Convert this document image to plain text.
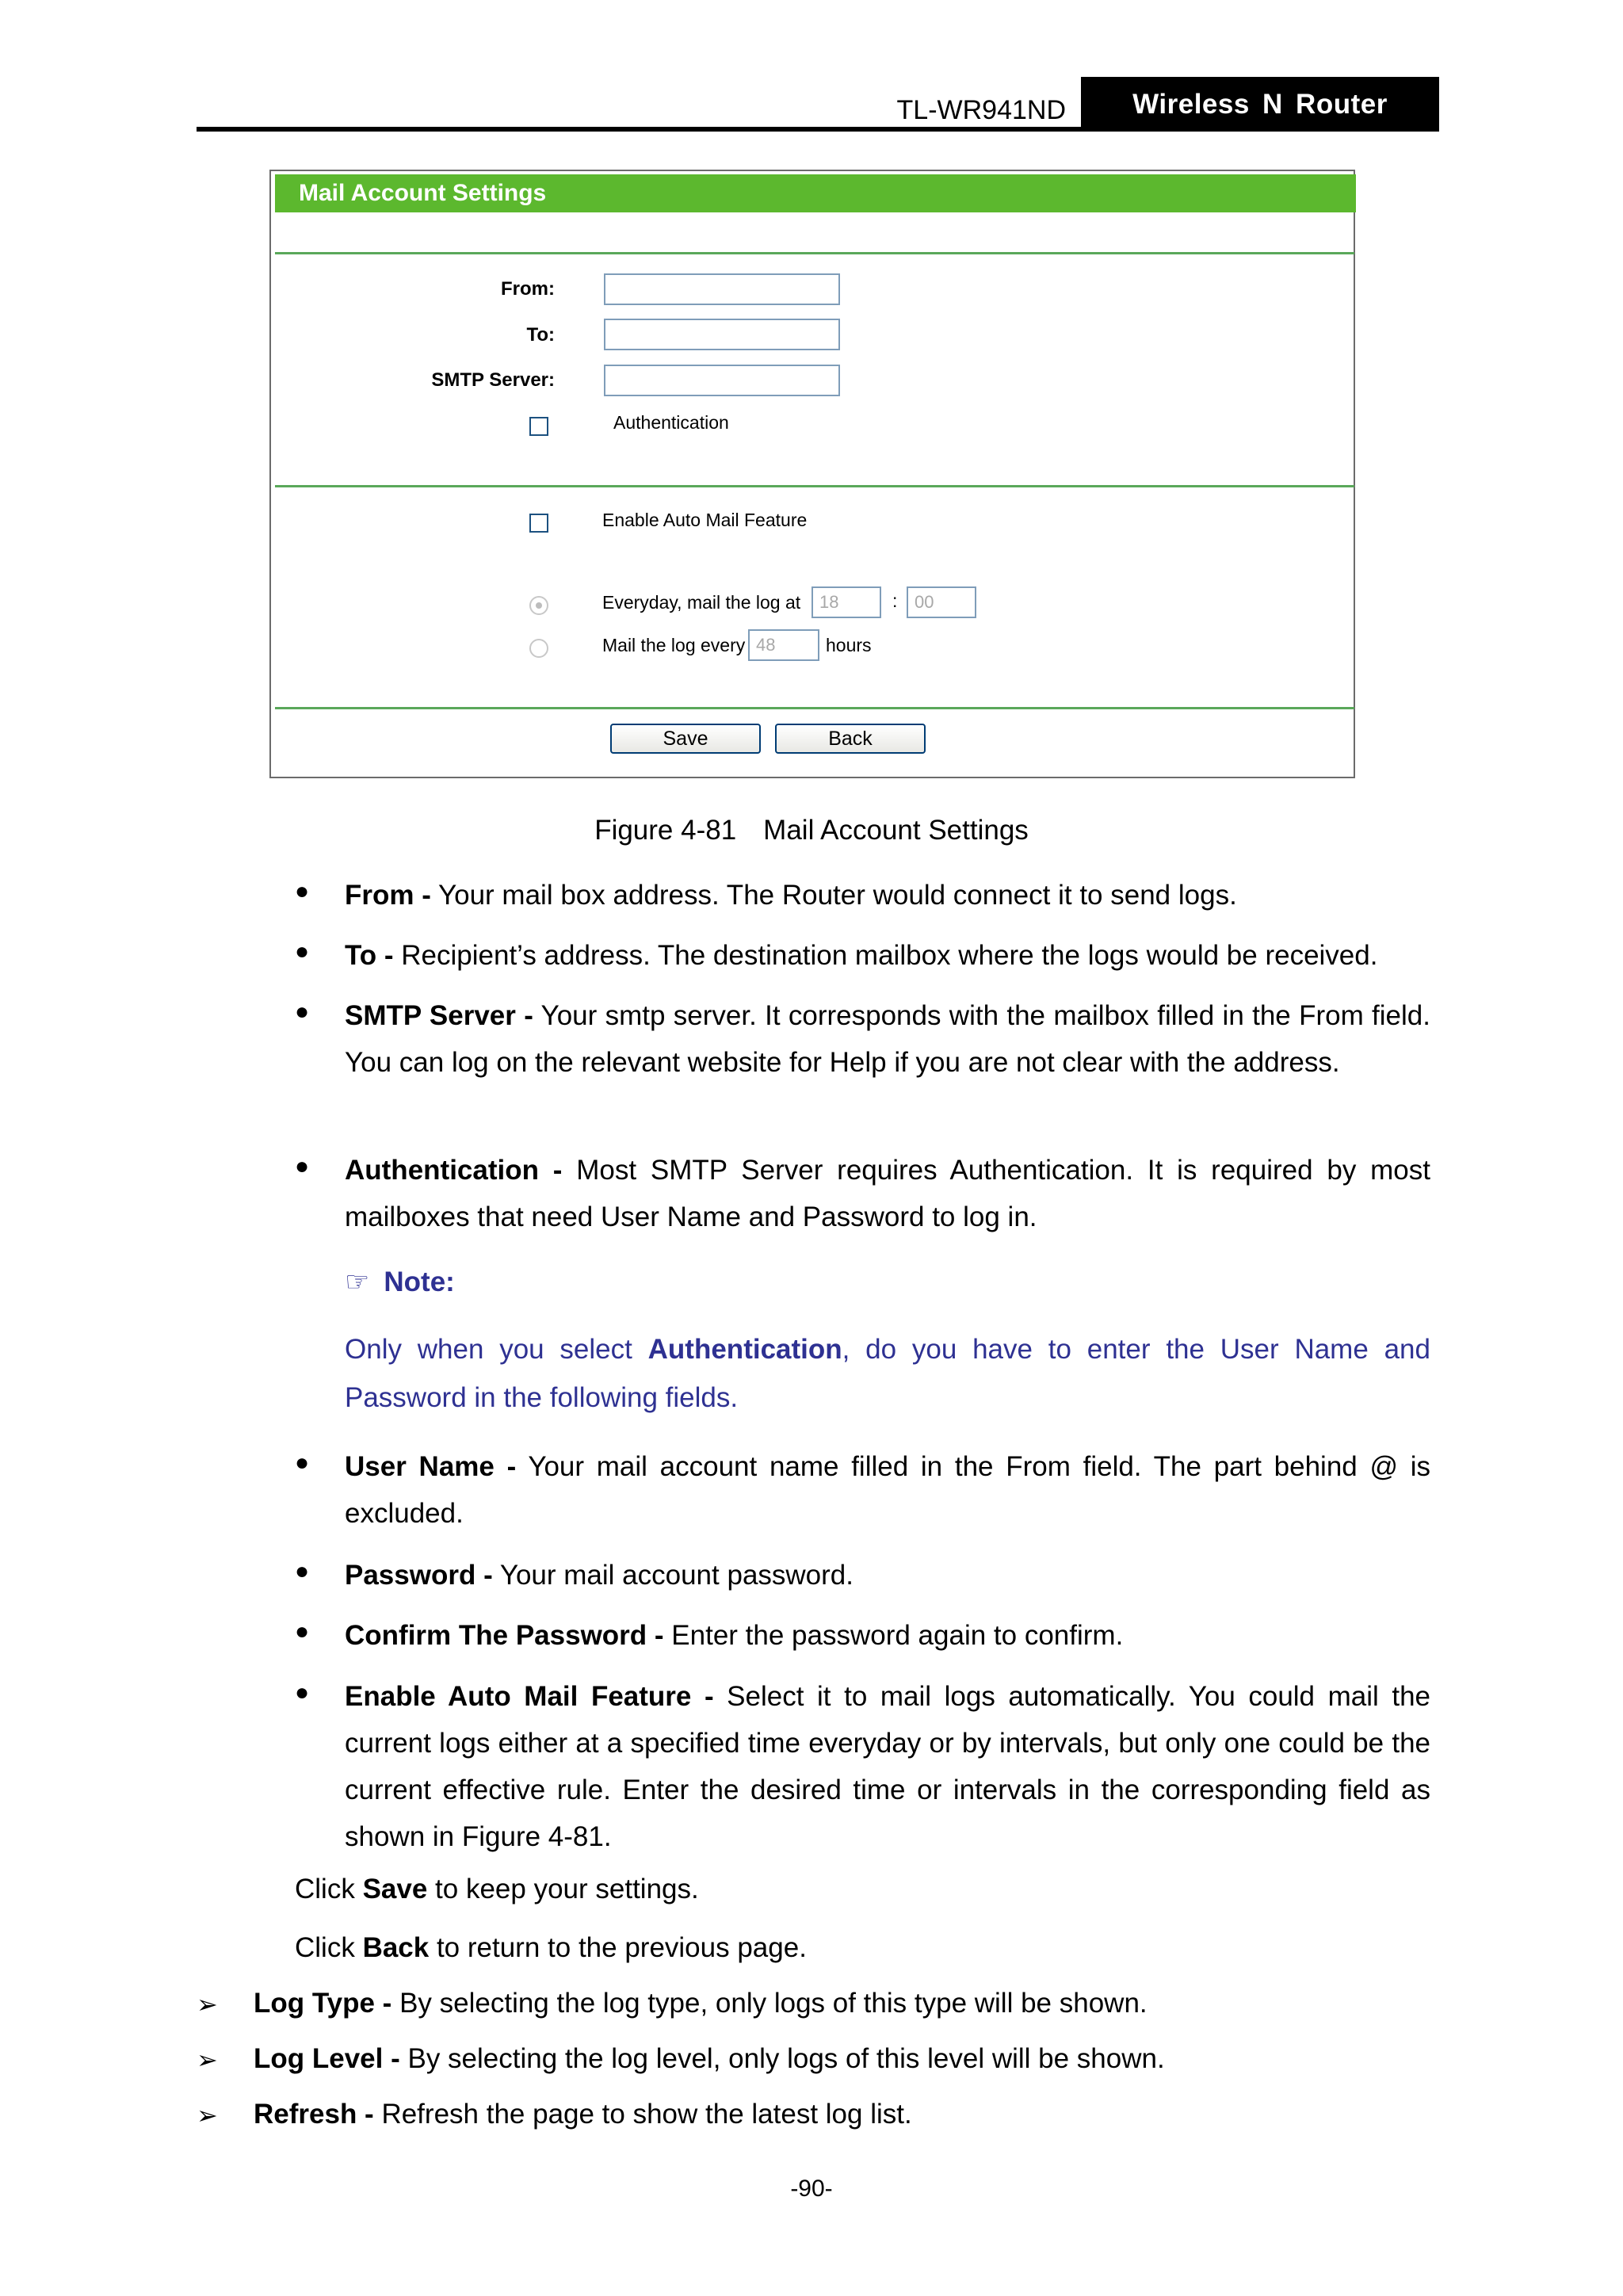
TL-WR941ND	Wireless N Router
Mail Account Settings
From:
To:
SMTP Server:
Authentication
Enable Auto Mail Feature
Everyday, mail the log at	18	: 00
Mail the log every 48	hours
Save	Back
Figure 4-81 Mail Account Settings
● From - Your mail box address. The Router would connect it to send logs.
● To - Recipient’s address. The destination mailbox where the logs would be received.
● SMTP Server - Your smtp server. It corresponds with the mailbox filled in the From field. You can log on the relevant website for Help if you are not clear with the address.
● Authentication - Most SMTP Server requires Authentication. It is required by most mailboxes that need User Name and Password to log in.
☞ Note:
Only when you select Authentication, do you have to enter the User Name and Password in the following fields.
● User Name - Your mail account name filled in the From field. The part behind @ is excluded.
● Password - Your mail account password.
● Confirm The Password - Enter the password again to confirm.
● Enable Auto Mail Feature - Select it to mail logs automatically. You could mail the current logs either at a specified time everyday or by intervals, but only one could be the current effective rule. Enter the desired time or intervals in the corresponding field as shown in Figure 4-81.
Click Save to keep your settings.
Click Back to return to the previous page.
➢ Log Type - By selecting the log type, only logs of this type will be shown.
➢ Log Level - By selecting the log level, only logs of this level will be shown.
➢ Refresh - Refresh the page to show the latest log list.
-90-
